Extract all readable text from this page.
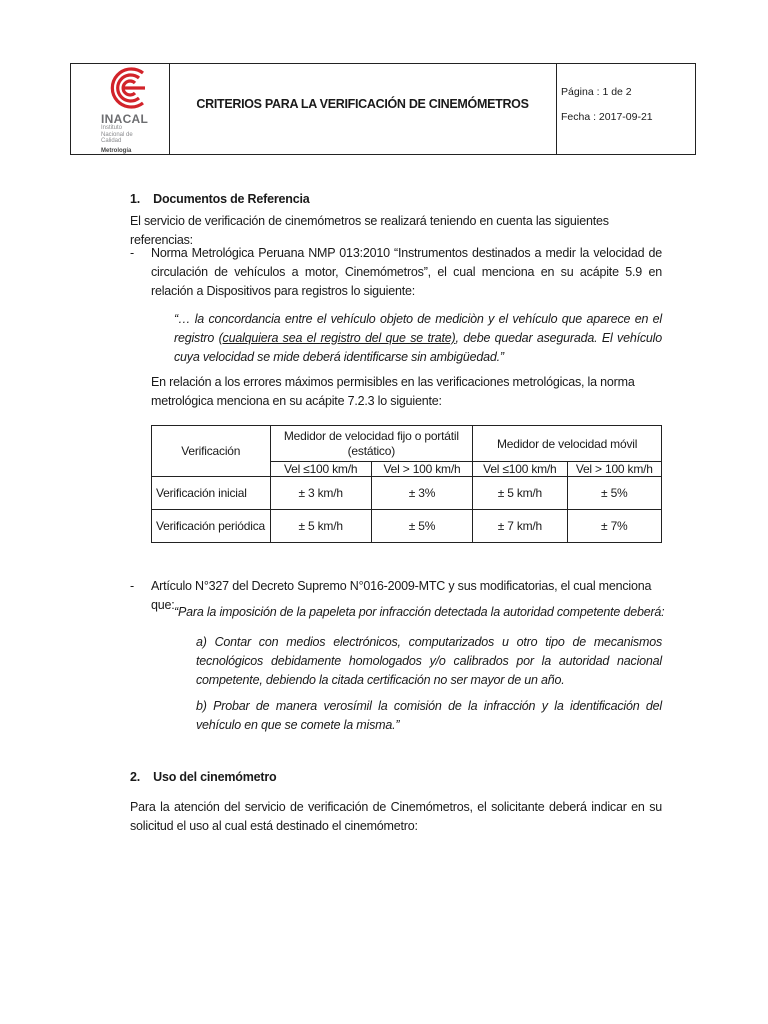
INACAL
Instituto Nacional de Calidad
Metrología
CRITERIOS PARA LA VERIFICACIÓN DE CINEMÓMETROS
Página : 1 de 2
Fecha : 2017-09-21
1.    Documentos de Referencia
El servicio de verificación de cinemómetros se realizará teniendo en cuenta las siguientes referencias:
- Norma Metrológica Peruana NMP 013:2010 “Instrumentos destinados a medir la velocidad de circulación de vehículos a motor, Cinemómetros”, el cual menciona en su acápite 5.9 en relación a Dispositivos para registros lo siguiente:
“… la concordancia entre el vehículo objeto de mediciòn y el vehículo que aparece en el registro (cualquiera sea el registro del que se trate), debe quedar asegurada. El vehículo cuya velocidad se mide deberá identificarse sin ambigüedad.”
En relación a los errores máximos permisibles en las verificaciones metrológicas, la norma metrológica menciona en su acápite 7.2.3 lo siguiente:
Verificación	Medidor de velocidad fijo o portátil (estático)		Medidor de velocidad móvil	
	Vel ≤100 km/h	Vel > 100 km/h	Vel ≤100 km/h	Vel > 100 km/h
Verificación inicial	± 3 km/h	± 3%	± 5 km/h	± 5%
Verificación periódica	± 5 km/h	± 5%	± 7 km/h	± 7%
- Artículo N°327 del Decreto Supremo N°016-2009-MTC y sus modificatorias, el cual menciona que: “Para la imposición de la papeleta por infracción detectada la autoridad competente deberá:
a) Contar con medios electrónicos, computarizados u otro tipo de mecanismos tecnológicos debidamente homologados y/o calibrados por la autoridad nacional competente, debiendo la citada certificación no ser mayor de un año.
b) Probar de manera verosímil la comisión de la infracción y la identificación del vehículo en que se comete la misma.”
2.    Uso del cinemómetro
Para la atención del servicio de verificación de Cinemómetros, el solicitante deberá indicar en su solicitud el uso al cual está destinado el cinemómetro:
